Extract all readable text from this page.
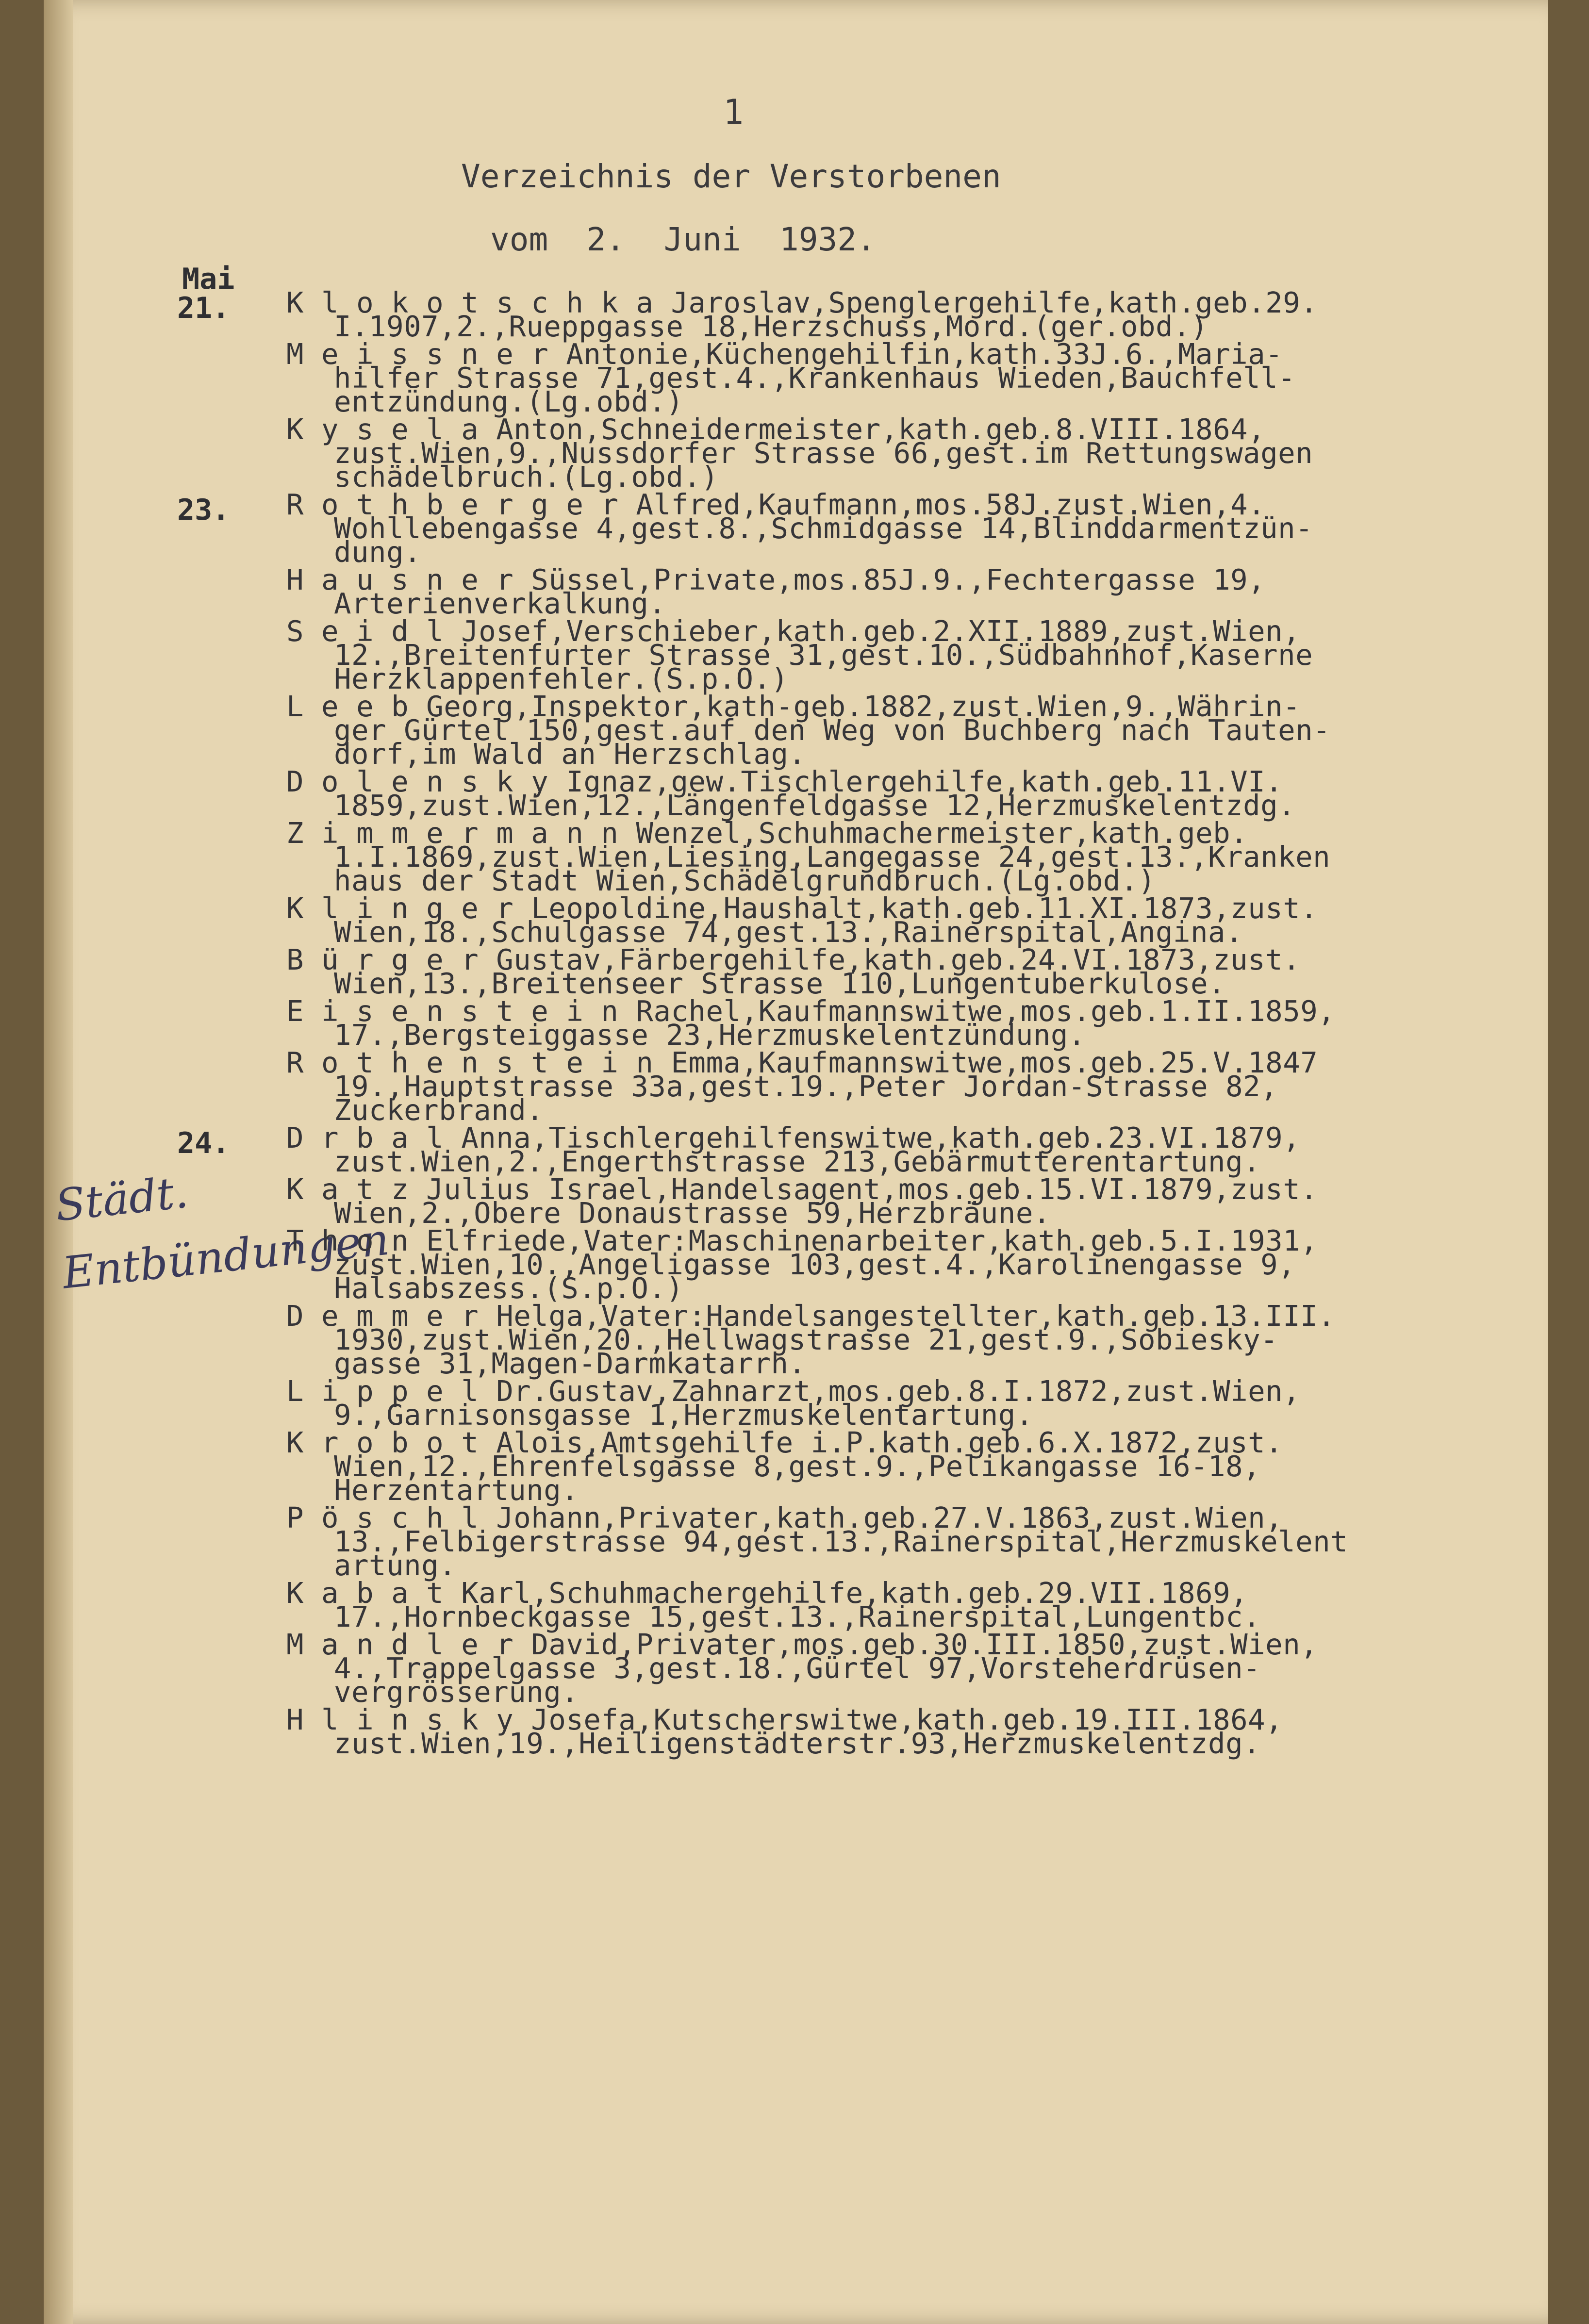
1
Verzeichnis der Verstorbenen
vom  2.  Juni  1932.
Mai
Städt.
Entbündungen
21. K l o k o t s c h k a Jaroslav,Spenglergehilfe,kath.geb.29.
I.1907,2.,Rueppgasse 18,Herzschuss,Mord.(ger.obd.)
M e i s s n e r Antonie,Küchengehilfin,kath.33J.6.,Maria-
hilfer Strasse 71,gest.4.,Krankenhaus Wieden,Bauchfell-
entzündung.(Lg.obd.)
K y s e l a Anton,Schneidermeister,kath.geb.8.VIII.1864,
zust.Wien,9.,Nussdorfer Strasse 66,gest.im Rettungswagen
schädelbruch.(Lg.obd.)
23. R o t h b e r g e r Alfred,Kaufmann,mos.58J.zust.Wien,4.
Wohllebengasse 4,gest.8.,Schmidgasse 14,Blinddarmentzün-
dung.
H a u s n e r Süssel,Private,mos.85J.9.,Fechtergasse 19,
Arterienverkalkung.
S e i d l Josef,Verschieber,kath.geb.2.XII.1889,zust.Wien,
12.,Breitenfurter Strasse 31,gest.10.,Südbahnhof,Kaserne
Herzklappenfehler.(S.p.O.)
L e e b Georg,Inspektor,kath-geb.1882,zust.Wien,9.,Währin-
ger Gürtel 150,gest.auf den Weg von Buchberg nach Tauten-
dorf,im Wald an Herzschlag.
D o l e n s k y Ignaz,gew.Tischlergehilfe,kath.geb.11.VI.
1859,zust.Wien,12.,Längenfeldgasse 12,Herzmuskelentzdg.
Z i m m e r m a n n Wenzel,Schuhmachermeister,kath.geb.
1.I.1869,zust.Wien,Liesing,Langegasse 24,gest.13.,Kranken
haus der Stadt Wien,Schädelgrundbruch.(Lg.obd.)
K l i n g e r Leopoldine,Haushalt,kath.geb.11.XI.1873,zust.
Wien,18.,Schulgasse 74,gest.13.,Rainerspital,Angina.
B ü r g e r Gustav,Färbergehilfe,kath.geb.24.VI.1873,zust.
Wien,13.,Breitenseer Strasse 110,Lungentuberkulose.
E i s e n s t e i n Rachel,Kaufmannswitwe,mos.geb.1.II.1859,
17.,Bergsteiggasse 23,Herzmuskelentzündung.
R o t h e n s t e i n Emma,Kaufmannswitwe,mos.geb.25.V.1847
19.,Hauptstrasse 33a,gest.19.,Peter Jordan-Strasse 82,
Zuckerbrand.
24. D r b a l Anna,Tischlergehilfenswitwe,kath.geb.23.VI.1879,
zust.Wien,2.,Engerthstrasse 213,Gebärmutterentartung.
K a t z Julius Israel,Handelsagent,mos.geb.15.VI.1879,zust.
Wien,2.,Obere Donaustrasse 59,Herzbräune.
T h o n Elfriede,Vater:Maschinenarbeiter,kath.geb.5.I.1931,
zust.Wien,10.,Angeligasse 103,gest.4.,Karolinengasse 9,
Halsabszess.(S.p.O.)
D e m m e r Helga,Vater:Handelsangestellter,kath.geb.13.III.
1930,zust.Wien,20.,Hellwagstrasse 21,gest.9.,Sobiesky-
gasse 31,Magen-Darmkatarrh.
L i p p e l Dr.Gustav,Zahnarzt,mos.geb.8.I.1872,zust.Wien,
9.,Garnisonsgasse 1,Herzmuskelentartung.
K r o b o t Alois,Amtsgehilfe i.P.kath.geb.6.X.1872,zust.
Wien,12.,Ehrenfelsgasse 8,gest.9.,Pelikangasse 16-18,
Herzentartung.
P ö s c h l Johann,Privater,kath.geb.27.V.1863,zust.Wien,
13.,Felbigerstrasse 94,gest.13.,Rainerspital,Herzmuskelent
artung.
K a b a t Karl,Schuhmachergehilfe,kath.geb.29.VII.1869,
17.,Hornbeckgasse 15,gest.13.,Rainerspital,Lungentbc.
M a n d l e r David,Privater,mos.geb.30.III.1850,zust.Wien,
4.,Trappelgasse 3,gest.18.,Gürtel 97,Vorsteherdrüsen-
vergrösserung.
H l i n s k y Josefa,Kutscherswitwe,kath.geb.19.III.1864,
zust.Wien,19.,Heiligenstädterstr.93,Herzmuskelentzdg.
